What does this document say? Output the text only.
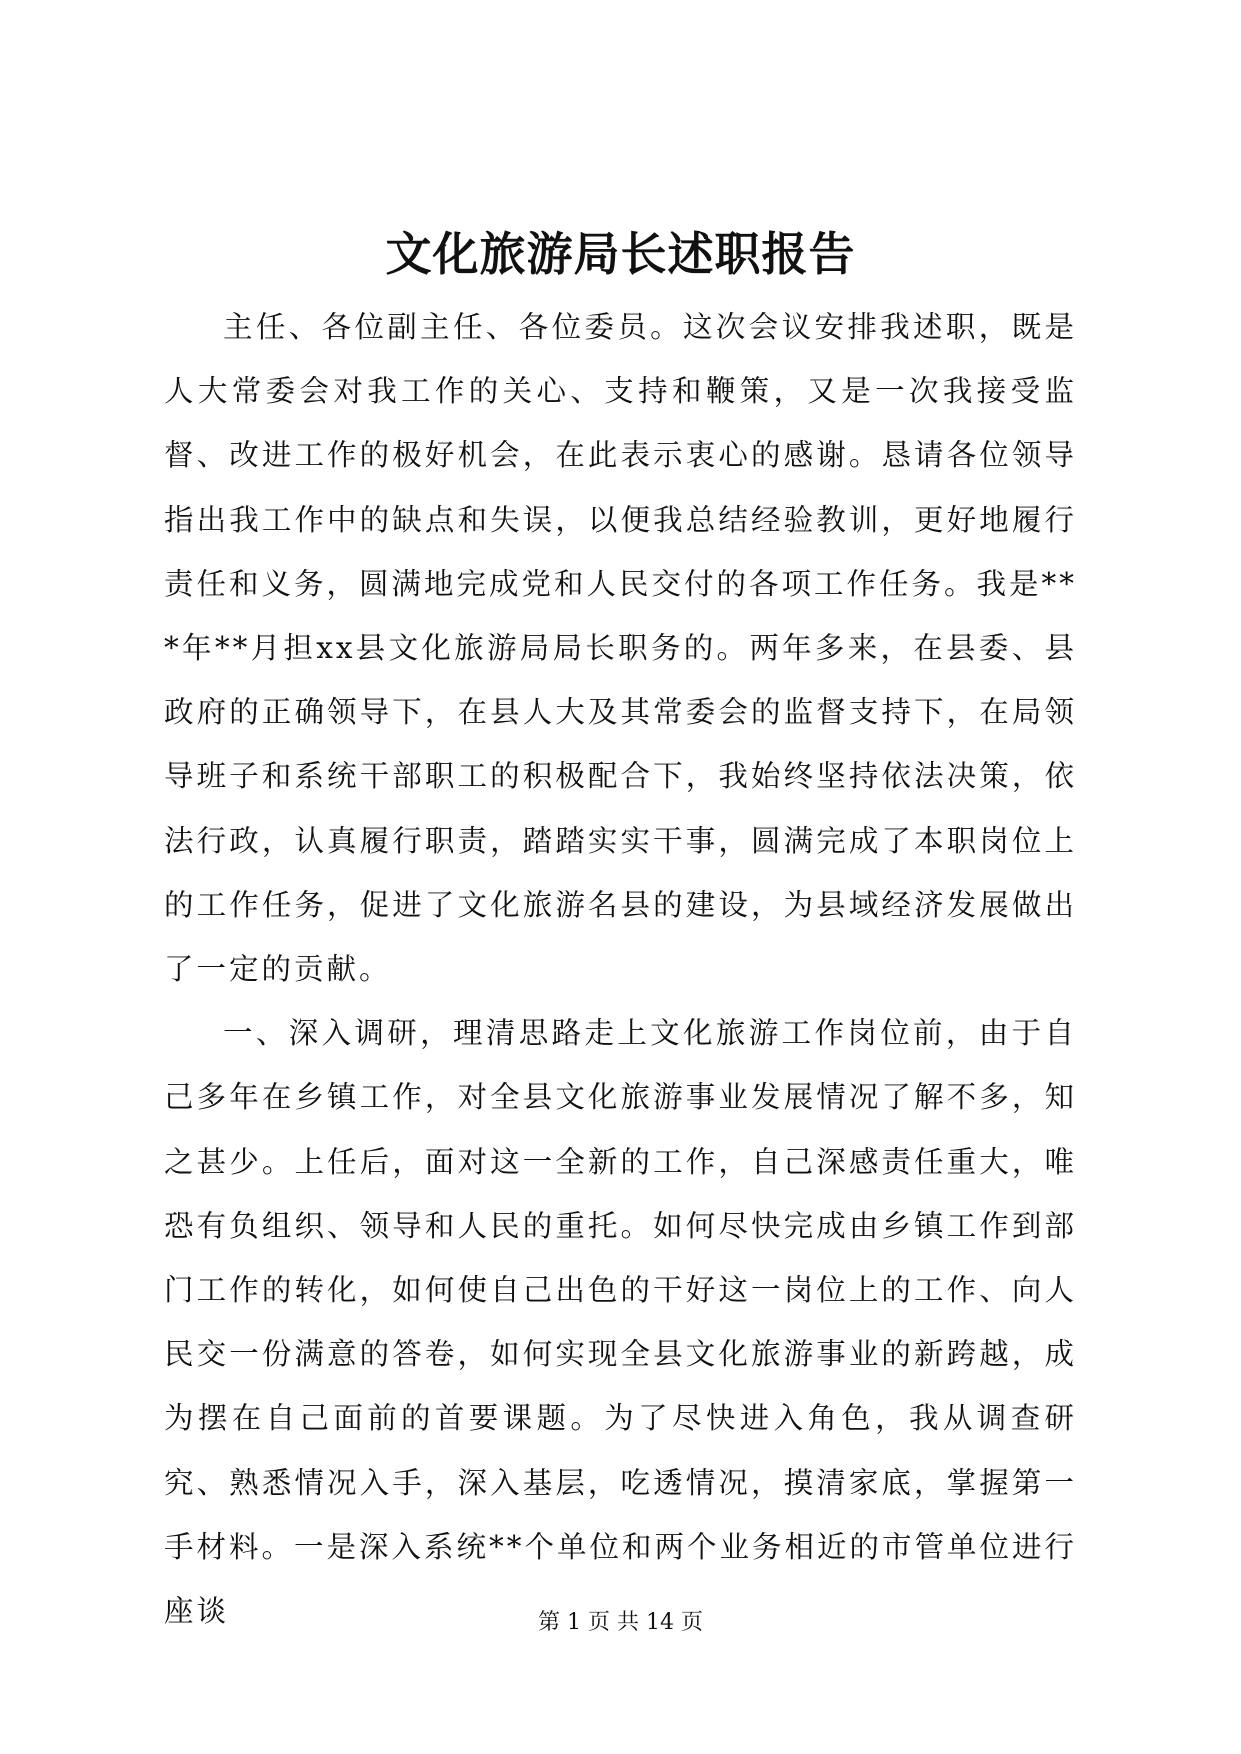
文化旅游局长述职报告

主任、各位副主任、各位委员。这次会议安排我述职，既是人大常委会对我工作的关心、支持和鞭策，又是一次我接受监督、改进工作的极好机会，在此表示衷心的感谢。恳请各位领导指出我工作中的缺点和失误，以便我总结经验教训，更好地履行责任和义务，圆满地完成党和人民交付的各项工作任务。我是***年**月担xx县文化旅游局局长职务的。两年多来，在县委、县政府的正确领导下，在县人大及其常委会的监督支持下，在局领导班子和系统干部职工的积极配合下，我始终坚持依法决策，依法行政，认真履行职责，踏踏实实干事，圆满完成了本职岗位上的工作任务，促进了文化旅游名县的建设，为县域经济发展做出了一定的贡献。

一、深入调研，理清思路走上文化旅游工作岗位前，由于自己多年在乡镇工作，对全县文化旅游事业发展情况了解不多，知之甚少。上任后，面对这一全新的工作，自己深感责任重大，唯恐有负组织、领导和人民的重托。如何尽快完成由乡镇工作到部门工作的转化，如何使自己出色的干好这一岗位上的工作、向人民交一份满意的答卷，如何实现全县文化旅游事业的新跨越，成为摆在自己面前的首要课题。为了尽快进入角色，我从调查研究、熟悉情况入手，深入基层，吃透情况，摸清家底，掌握第一手材料。一是深入系统**个单位和两个业务相近的市管单位进行座谈	第 1 页 共 14 页
